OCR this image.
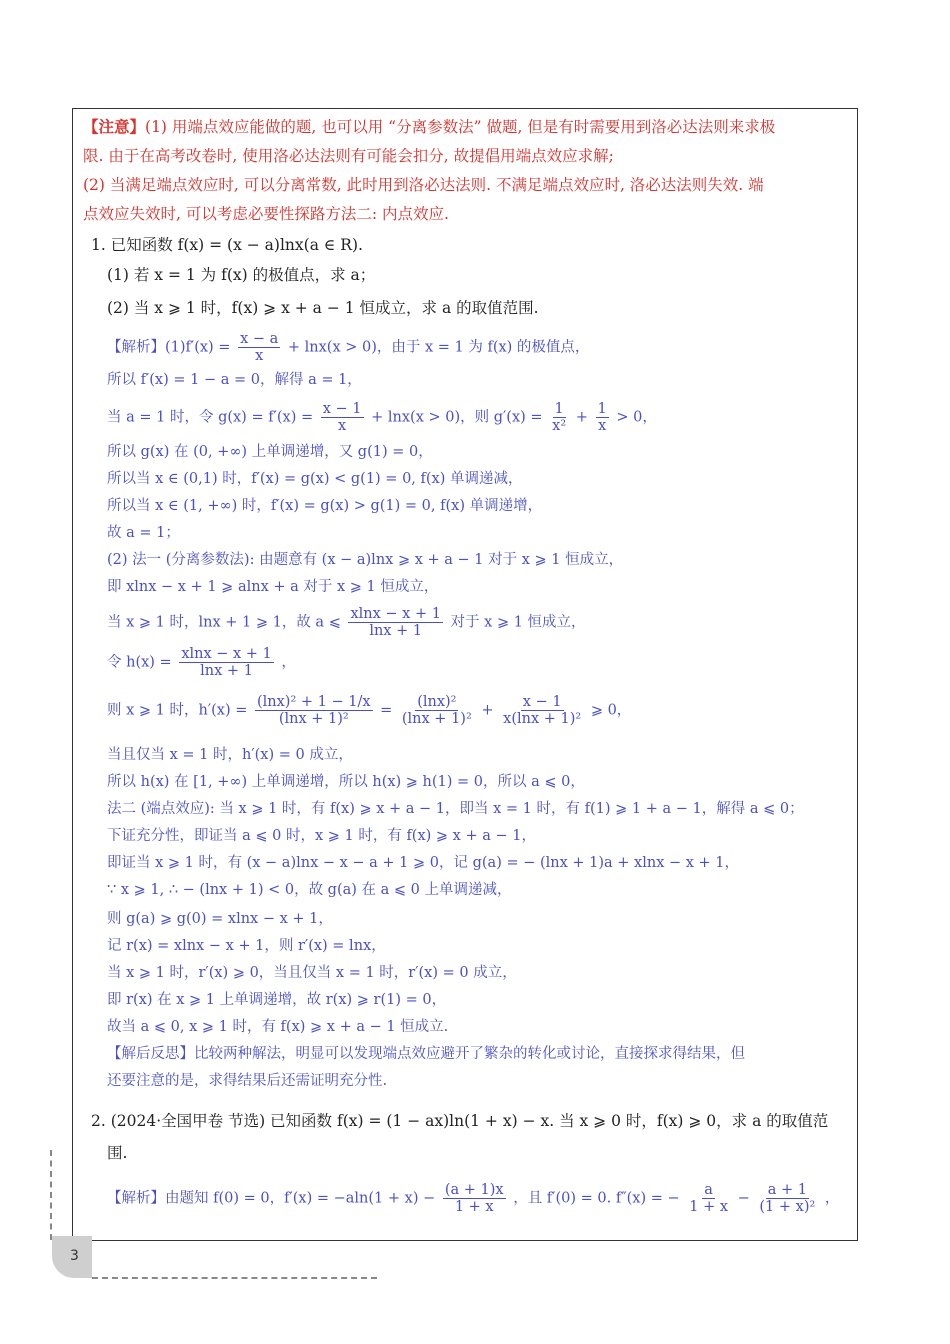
【注意】(1) 用端点效应能做的题, 也可以用 “分离参数法” 做题, 但是有时需要用到洛必达法则来求极
限. 由于在高考改卷时, 使用洛必达法则有可能会扣分, 故提倡用端点效应求解;
(2) 当满足端点效应时, 可以分离常数, 此时用到洛必达法则. 不满足端点效应时, 洛必达法则失效. 端
点效应失效时, 可以考虑必要性探路方法二: 内点效应.
1. 已知函数 f(x) = (x − a)lnx(a ∈ R).
(1) 若 x = 1 为 f(x) 的极值点，求 a；
(2) 当 x ⩾ 1 时，f(x) ⩾ x + a − 1 恒成立，求 a 的取值范围.
【解析】$(1)f'(x) = \frac{x - a}{x} + \ln x(x > 0)$，由于 x = 1 为 f(x) 的极值点，
所以 f′(x) = 1 − a = 0，解得 a = 1，
当 a = 1 时，令 $g(x) = f'(x) = \frac{x - 1}{x} + \ln x(x > 0)$，则 $g'(x) = \frac{1}{\text{x²}} + \frac{1}{x} > 0$，
所以 g(x) 在 (0, +∞) 上单调递增，又 g(1) = 0，
所以当 x ∈ (0,1) 时，f′(x) = g(x) < g(1) = 0, f(x) 单调递减，
所以当 x ∈ (1, +∞) 时，f′(x) = g(x) > g(1) = 0, f(x) 单调递增，
故 a = 1；
(2) 法一 (分离参数法): 由题意有 (x − a)lnx ⩾ x + a − 1 对于 x ⩾ 1 恒成立，
即 xlnx − x + 1 ⩾ alnx + a 对于 x ⩾ 1 恒成立，
当 x ⩾ 1 时，lnx + 1 ⩾ 1，故 a ⩽ $\frac{xlnx - x + 1}{\ln x + 1}$ 对于 x ⩾ 1 恒成立，
令 $h(x) = \frac{xlnx - x + 1}{\ln x + 1}$ ，
则 x ⩾ 1 时，$h'(x) = \frac{\text{(lnx)² + 1 − 1/x}}{\text{(lnx + 1)²}} = \frac{\text{(lnx)²}}{\text{(lnx + 1)²}} + \frac{x - 1}{\text{x(lnx + 1)²}}$ ⩾ 0，
当且仅当 x = 1 时，h′(x) = 0 成立，
所以 h(x) 在 [1, +∞) 上单调递增，所以 h(x) ⩾ h(1) = 0，所以 a ⩽ 0，
法二 (端点效应): 当 x ⩾ 1 时，有 f(x) ⩾ x + a − 1，即当 x = 1 时，有 f(1) ⩾ 1 + a − 1，解得 a ⩽ 0；
下证充分性，即证当 a ⩽ 0 时，x ⩾ 1 时，有 f(x) ⩾ x + a − 1，
即证当 x ⩾ 1 时，有 (x − a)lnx − x − a + 1 ⩾ 0，记 g(a) = − (lnx + 1)a + xlnx − x + 1，
∵ x ⩾ 1, ∴ − (lnx + 1) < 0，故 g(a) 在 a ⩽ 0 上单调递减，
则 g(a) ⩾ g(0) = xlnx − x + 1，
记 r(x) = xlnx − x + 1，则 r′(x) = lnx，
当 x ⩾ 1 时，r′(x) ⩾ 0，当且仅当 x = 1 时，r′(x) = 0 成立，
即 r(x) 在 x ⩾ 1 上单调递增，故 r(x) ⩾ r(1) = 0，
故当 a ⩽ 0, x ⩾ 1 时，有 f(x) ⩾ x + a − 1 恒成立.
【解后反思】比较两种解法，明显可以发现端点效应避开了繁杂的转化或讨论，直接探求得结果，但
还要注意的是，求得结果后还需证明充分性.
2. (2024·全国甲卷 节选) 已知函数 f(x) = (1 − ax)ln(1 + x) − x. 当 x ⩾ 0 时，f(x) ⩾ 0，求 a 的取值范
围.
【解析】由题知 f(0) = 0，$f'(x) = -aln(1 + x) - \frac{(a + 1)x}{1 + x}$ ，且 f′(0) = 0. f″(x) = − $\frac{a}{1 + x} - \frac{a + 1}{\text{(1 + x)²}}$ ，
3
